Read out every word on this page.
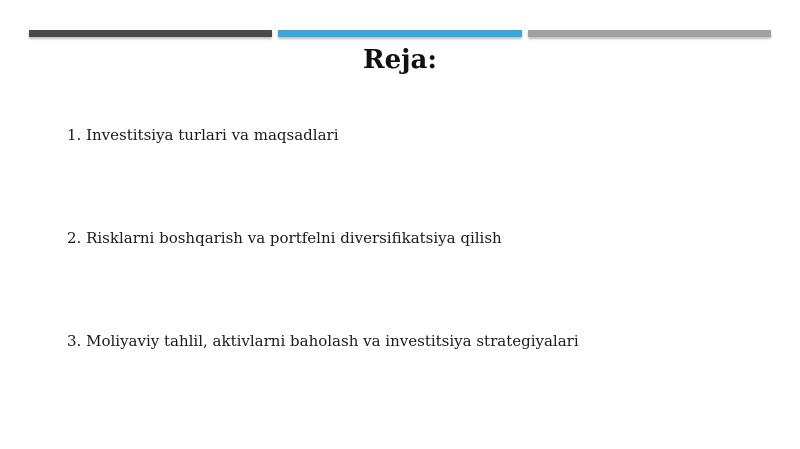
Reja:
1. Investitsiya turlari va maqsadlari
2. Risklarni boshqarish va portfelni diversifikatsiya qilish
3. Moliyaviy tahlil, aktivlarni baholash va investitsiya strategiyalari
